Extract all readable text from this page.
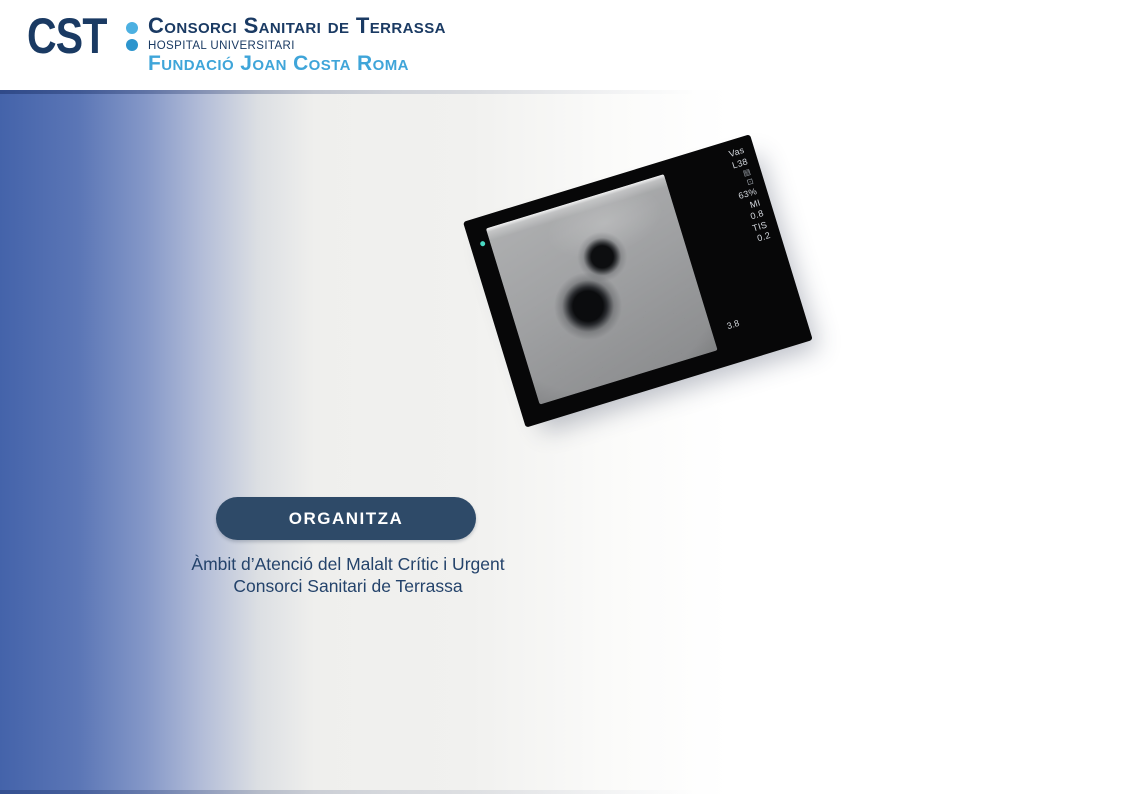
CST Consorci Sanitari de Terrassa
HOSPITAL UNIVERSITARI
Fundació Joan Costa Roma
Vas
L38
▤
⊡
63%
MI
0.8
TIS
0.2
3.8
ORGANITZA
Àmbit d’Atenció del Malalt Crític i Urgent
Consorci Sanitari de Terrassa
